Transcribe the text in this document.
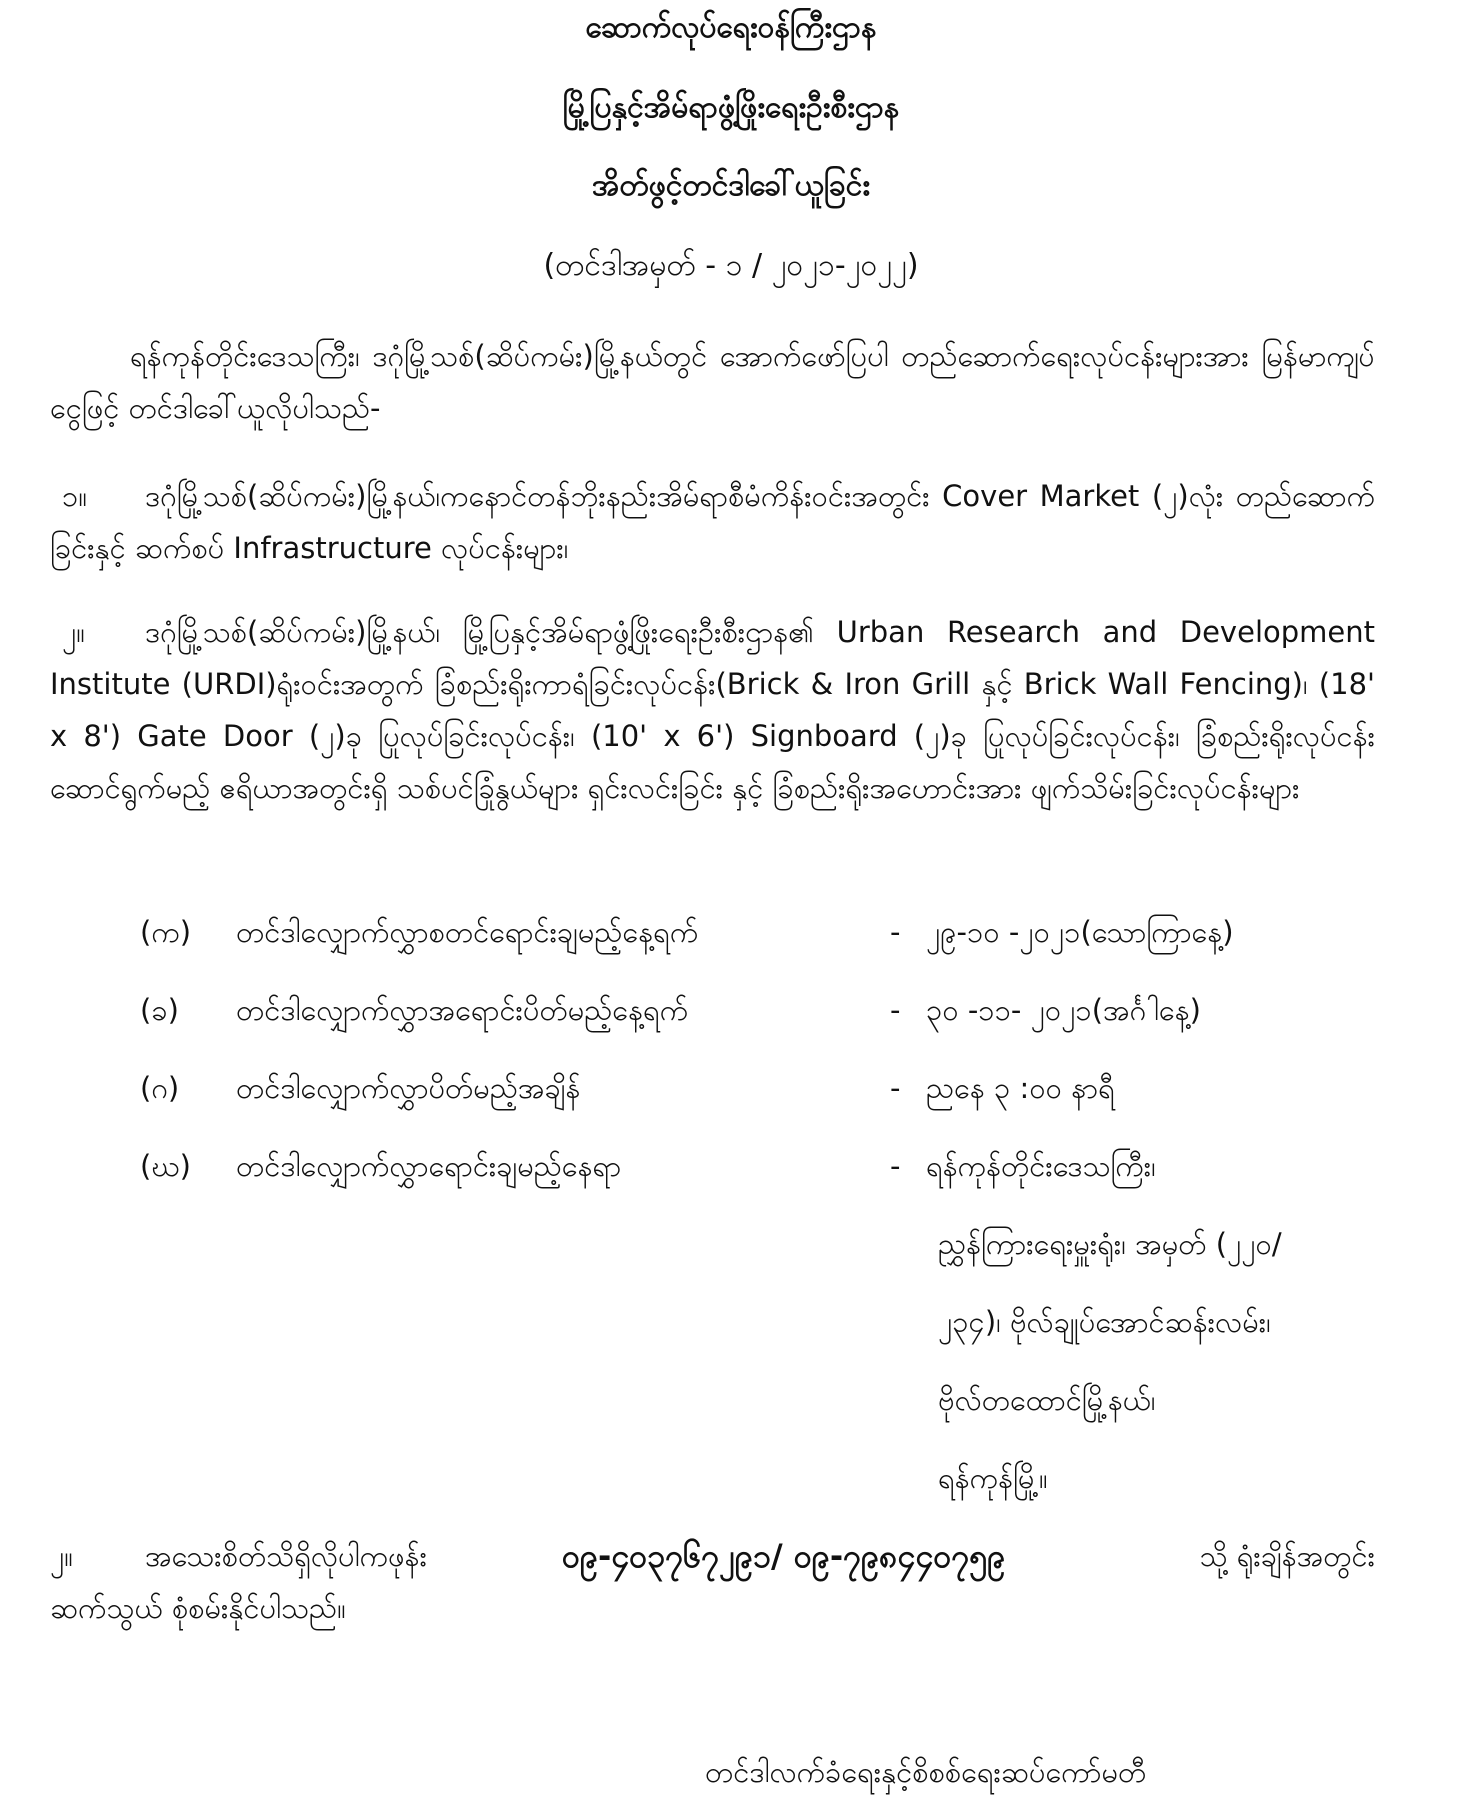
ဆောက်လုပ်ရေးဝန်ကြီးဌာန
မြို့ပြနှင့်အိမ်ရာဖွံ့ဖြိုးရေးဦးစီးဌာန
အိတ်ဖွင့်တင်ဒါခေါ်ယူခြင်း
(တင်ဒါအမှတ် - ၁ / ၂၀၂၁-၂၀၂၂)
ရန်ကုန်တိုင်းဒေသကြီး၊ ဒဂုံမြို့သစ်(ဆိပ်ကမ်း)မြို့နယ်တွင် အောက်ဖော်ပြပါ တည်ဆောက်ရေးလုပ်ငန်းများအား မြန်မာကျပ်ငွေဖြင့် တင်ဒါခေါ်ယူလိုပါသည်-
၁။ ဒဂုံမြို့သစ်(ဆိပ်ကမ်း)မြို့နယ်၊ကနောင်တန်ဘိုးနည်းအိမ်ရာစီမံကိန်းဝင်းအတွင်း Cover Market (၂)လုံး တည်ဆောက်ခြင်းနှင့် ဆက်စပ် Infrastructure လုပ်ငန်းများ၊
၂။ ဒဂုံမြို့သစ်(ဆိပ်ကမ်း)မြို့နယ်၊ မြို့ပြနှင့်အိမ်ရာဖွံ့ဖြိုးရေးဦးစီးဌာန၏ Urban Research and Development Institute (URDI)ရုံးဝင်းအတွက် ခြံစည်းရိုးကာရံခြင်းလုပ်ငန်း(Brick & Iron Grill နှင့် Brick Wall Fencing)၊ (18' x 8') Gate Door (၂)ခု ပြုလုပ်ခြင်းလုပ်ငန်း၊ (10' x 6') Signboard (၂)ခု ပြုလုပ်ခြင်းလုပ်ငန်း၊ ခြံစည်းရိုးလုပ်ငန်းဆောင်ရွက်မည့် ဧရိယာအတွင်းရှိ သစ်ပင်ခြုံနွယ်များ ရှင်းလင်းခြင်း နှင့် ခြံစည်းရိုးအဟောင်းအား ဖျက်သိမ်းခြင်းလုပ်ငန်းများ
(က) တင်ဒါလျှောက်လွှာစတင်ရောင်းချမည့်နေ့ရက်	- ၂၉-၁၀ -၂၀၂၁(သောကြာနေ့)
(ခ) တင်ဒါလျှောက်လွှာအရောင်းပိတ်မည့်နေ့ရက်	- ၃၀ -၁၁- ၂၀၂၁(အင်္ဂါနေ့)
(ဂ) တင်ဒါလျှောက်လွှာပိတ်မည့်အချိန်	- ညနေ ၃ :၀၀ နာရီ
(ဃ) တင်ဒါလျှောက်လွှာရောင်းချမည့်နေရာ	- ရန်ကုန်တိုင်းဒေသကြီး၊
ညွှန်ကြားရေးမှူးရုံး၊ အမှတ် (၂၂၀/
၂၃၄)၊ ဗိုလ်ချုပ်အောင်ဆန်းလမ်း၊
ဗိုလ်တထောင်မြို့နယ်၊
ရန်ကုန်မြို့။
၂။ အသေးစိတ်သိရှိလိုပါကဖုန်း	၀၉-၄၀၃၇၆၇၂၉၁/ ၀၉-၇၉၈၄၄၀၇၅၉	သို့ ရုံးချိန်အတွင်း
ဆက်သွယ် စုံစမ်းနိုင်ပါသည်။
တင်ဒါလက်ခံရေးနှင့်စိစစ်ရေးဆပ်ကော်မတီ
